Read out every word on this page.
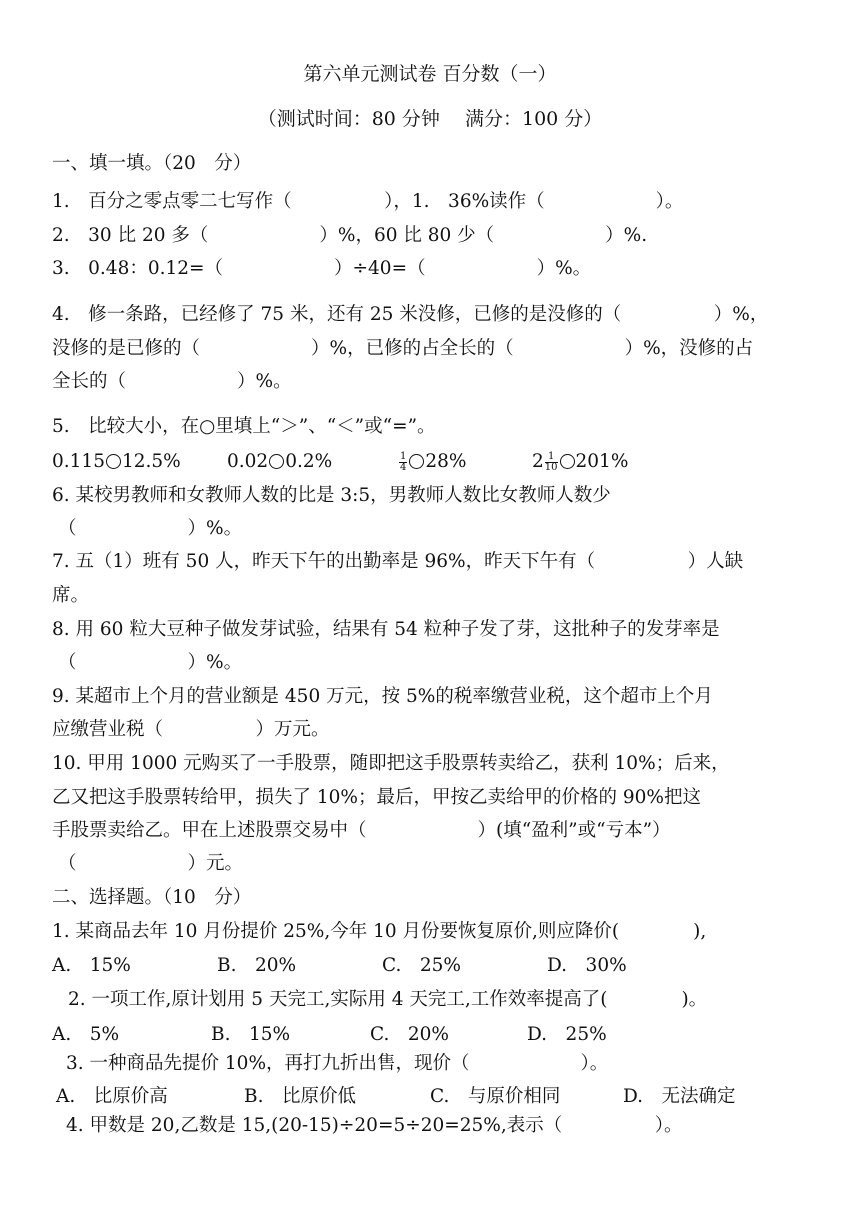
第六单元测试卷 百分数（一）
（测试时间：80 分钟　 满分：100 分）
一、填一填。（20　分）
1.　百分之零点零二七写作（　　　　　），1.　36%读作（　　　　　　）。
2.　30 比 20 多（　　　　　　）%，60 比 80 少（　　　　　　）%.
3.　0.48：0.12=（　　　　　　）÷40=（　　　　　　）%。
4.　修一条路，已经修了 75 米，还有 25 米没修，已修的是没修的（　　　　　）%，
没修的是已修的（　　　　　　）%，已修的占全长的（　　　　　　）%，没修的占
全长的（　　　　　　）%。
5.　比较大小，在○里填上“＞”、“＜”或“=”。
0.115 12.5%	0.02 0.2%	$\frac{1}{4} 28\%$	$2 \frac{1}{10} 201\%$
6. 某校男教师和女教师人数的比是 3:5，男教师人数比女教师人数少
（　　　　　　）%。
7. 五（1）班有 50 人，昨天下午的出勤率是 96%，昨天下午有（　　　　　）人缺
席。
8. 用 60 粒大豆种子做发芽试验，结果有 54 粒种子发了芽，这批种子的发芽率是
（　　　　　　）%。
9. 某超市上个月的营业额是 450 万元，按 5%的税率缴营业税，这个超市上个月
应缴营业税（　　　　　）万元。
10. 甲用 1000 元购买了一手股票，随即把这手股票转卖给乙，获利 10%；后来，
乙又把这手股票转给甲，损失了 10%；最后，甲按乙卖给甲的价格的 90%把这
手股票卖给乙。甲在上述股票交易中（　　　　　　）(填“盈利”或“亏本”）
（　　　　　　）元。
二、选择题。（10　分）
1. 某商品去年 10 月份提价 25%,今年 10 月份要恢复原价,则应降价(　　　　),
A.　15%	B.　20%	C.　25%	D.　30%
2. 一项工作,原计划用 5 天完工,实际用 4 天完工,工作效率提高了(　　　　)。
A.　5%	B.　15%	C.　20%	D.　25%
3. 一种商品先提价 10%，再打九折出售，现价（　　　　　　）。
A.　比原价高	B.　比原价低	C.　与原价相同	D.　无法确定
4. 甲数是 20,乙数是 15,(20-15)÷20=5÷20=25%,表示（　　　　　）。
